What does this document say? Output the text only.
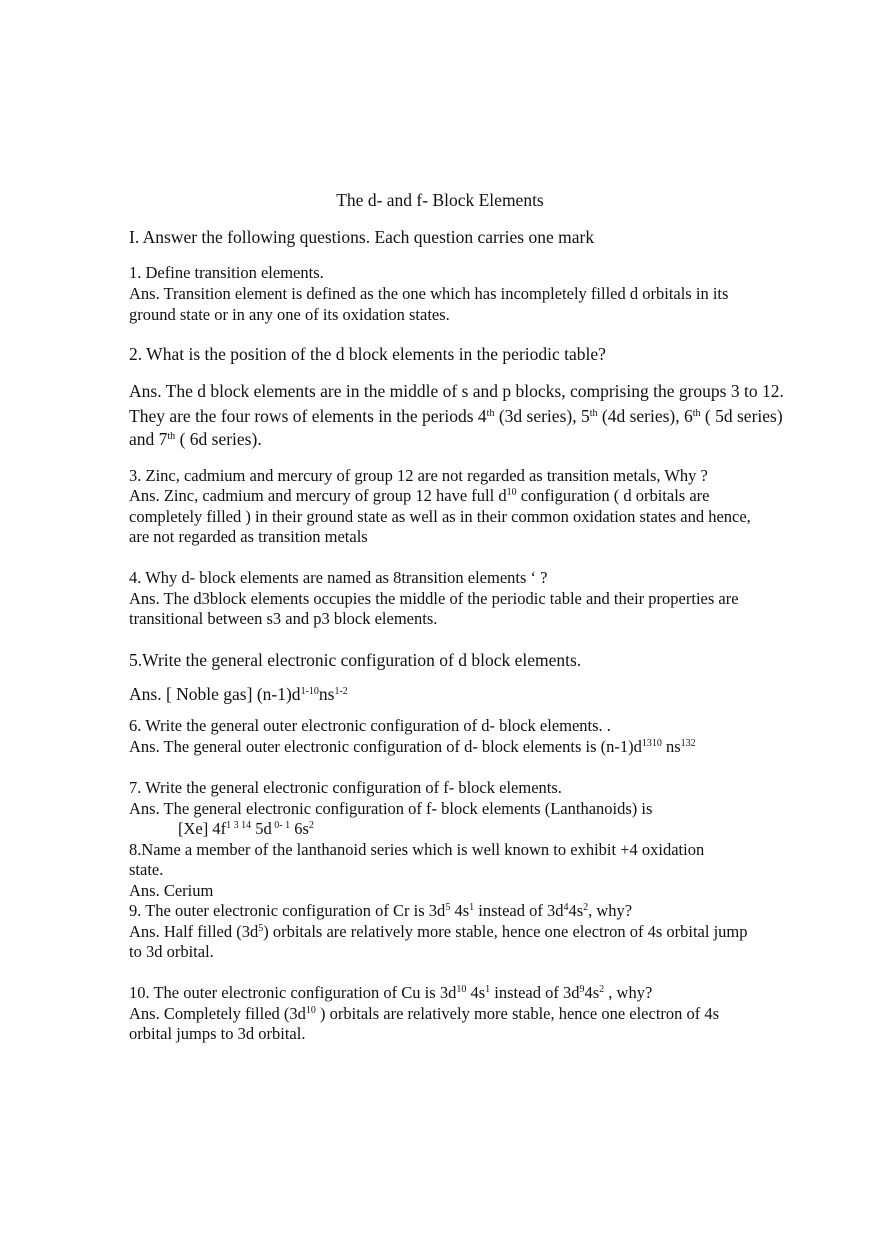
The d- and f- Block Elements
I. Answer the following questions. Each question carries one mark
1. Define transition elements.
Ans. Transition element is defined as the one which has incompletely filled d orbitals in its
ground state or in any one of its oxidation states.
2. What is the position of the d block elements in the periodic table?
Ans. The d block elements are in the middle of s and p blocks, comprising the groups 3 to 12.
They are the four rows of elements in the periods 4th (3d series), 5th (4d series), 6th ( 5d series)
and 7th ( 6d series).
3. Zinc, cadmium and mercury of group 12 are not regarded as transition metals, Why ?
Ans. Zinc, cadmium and mercury of group 12 have full $d^{10}$ configuration ( d orbitals are
completely filled ) in their ground state as well as in their common oxidation states and hence,
are not regarded as transition metals
4. Why d- block elements are named as 8transition elements ‘ ?
Ans. The d3block elements occupies the middle of the periodic table and their properties are
transitional between s3 and p3 block elements.
5.Write the general electronic configuration of d block elements.
Ans. [ Noble gas] $(n-1)d^{1-10}ns^{1-2}$
6. Write the general outer electronic configuration of d- block elements. .
Ans. The general outer electronic configuration of d- block elements is $(n-1)d^{1310}$ $ns^{132}$
7. Write the general electronic configuration of f- block elements.
Ans. The general electronic configuration of f- block elements (Lanthanoids) is
[Xe] $4f^{1 3 14}$ 5d $^{0- 1}$ $6s^2$
8.Name a member of the lanthanoid series which is well known to exhibit +4 oxidation
state.
Ans. Cerium
9. The outer electronic configuration of Cr is $3d^5$ $4s^1$ instead of $3d^44s^2$, why?
Ans. Half filled $(3d^5)$ orbitals are relatively more stable, hence one electron of 4s orbital jump
to 3d orbital.
10. The outer electronic configuration of Cu is $3d^{10}$ $4s^1$ instead of $3d^94s^2$ , why?
Ans. Completely filled ($3d^{10}$ ) orbitals are relatively more stable, hence one electron of 4s
orbital jumps to 3d orbital.
